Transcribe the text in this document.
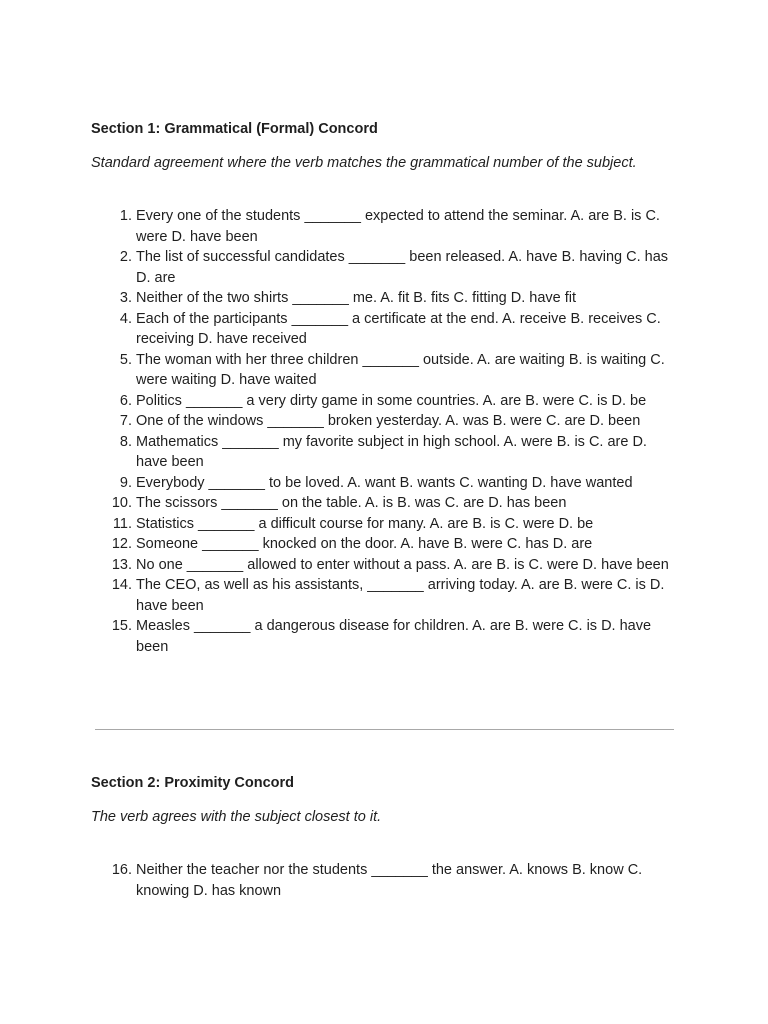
Section 1: Grammatical (Formal) Concord

Standard agreement where the verb matches the grammatical number of the subject.

1. Every one of the students _______ expected to attend the seminar. A. are B. is C. were D. have been
2. The list of successful candidates _______ been released. A. have B. having C. has D. are
3. Neither of the two shirts _______ me. A. fit B. fits C. fitting D. have fit
4. Each of the participants _______ a certificate at the end. A. receive B. receives C. receiving D. have received
5. The woman with her three children _______ outside. A. are waiting B. is waiting C. were waiting D. have waited
6. Politics _______ a very dirty game in some countries. A. are B. were C. is D. be
7. One of the windows _______ broken yesterday. A. was B. were C. are D. been
8. Mathematics _______ my favorite subject in high school. A. were B. is C. are D. have been
9. Everybody _______ to be loved. A. want B. wants C. wanting D. have wanted
10. The scissors _______ on the table. A. is B. was C. are D. has been
11. Statistics _______ a difficult course for many. A. are B. is C. were D. be
12. Someone _______ knocked on the door. A. have B. were C. has D. are
13. No one _______ allowed to enter without a pass. A. are B. is C. were D. have been
14. The CEO, as well as his assistants, _______ arriving today. A. are B. were C. is D. have been
15. Measles _______ a dangerous disease for children. A. are B. were C. is D. have been
Section 2: Proximity Concord

The verb agrees with the subject closest to it.

16. Neither the teacher nor the students _______ the answer. A. knows B. know C. knowing D. has known
